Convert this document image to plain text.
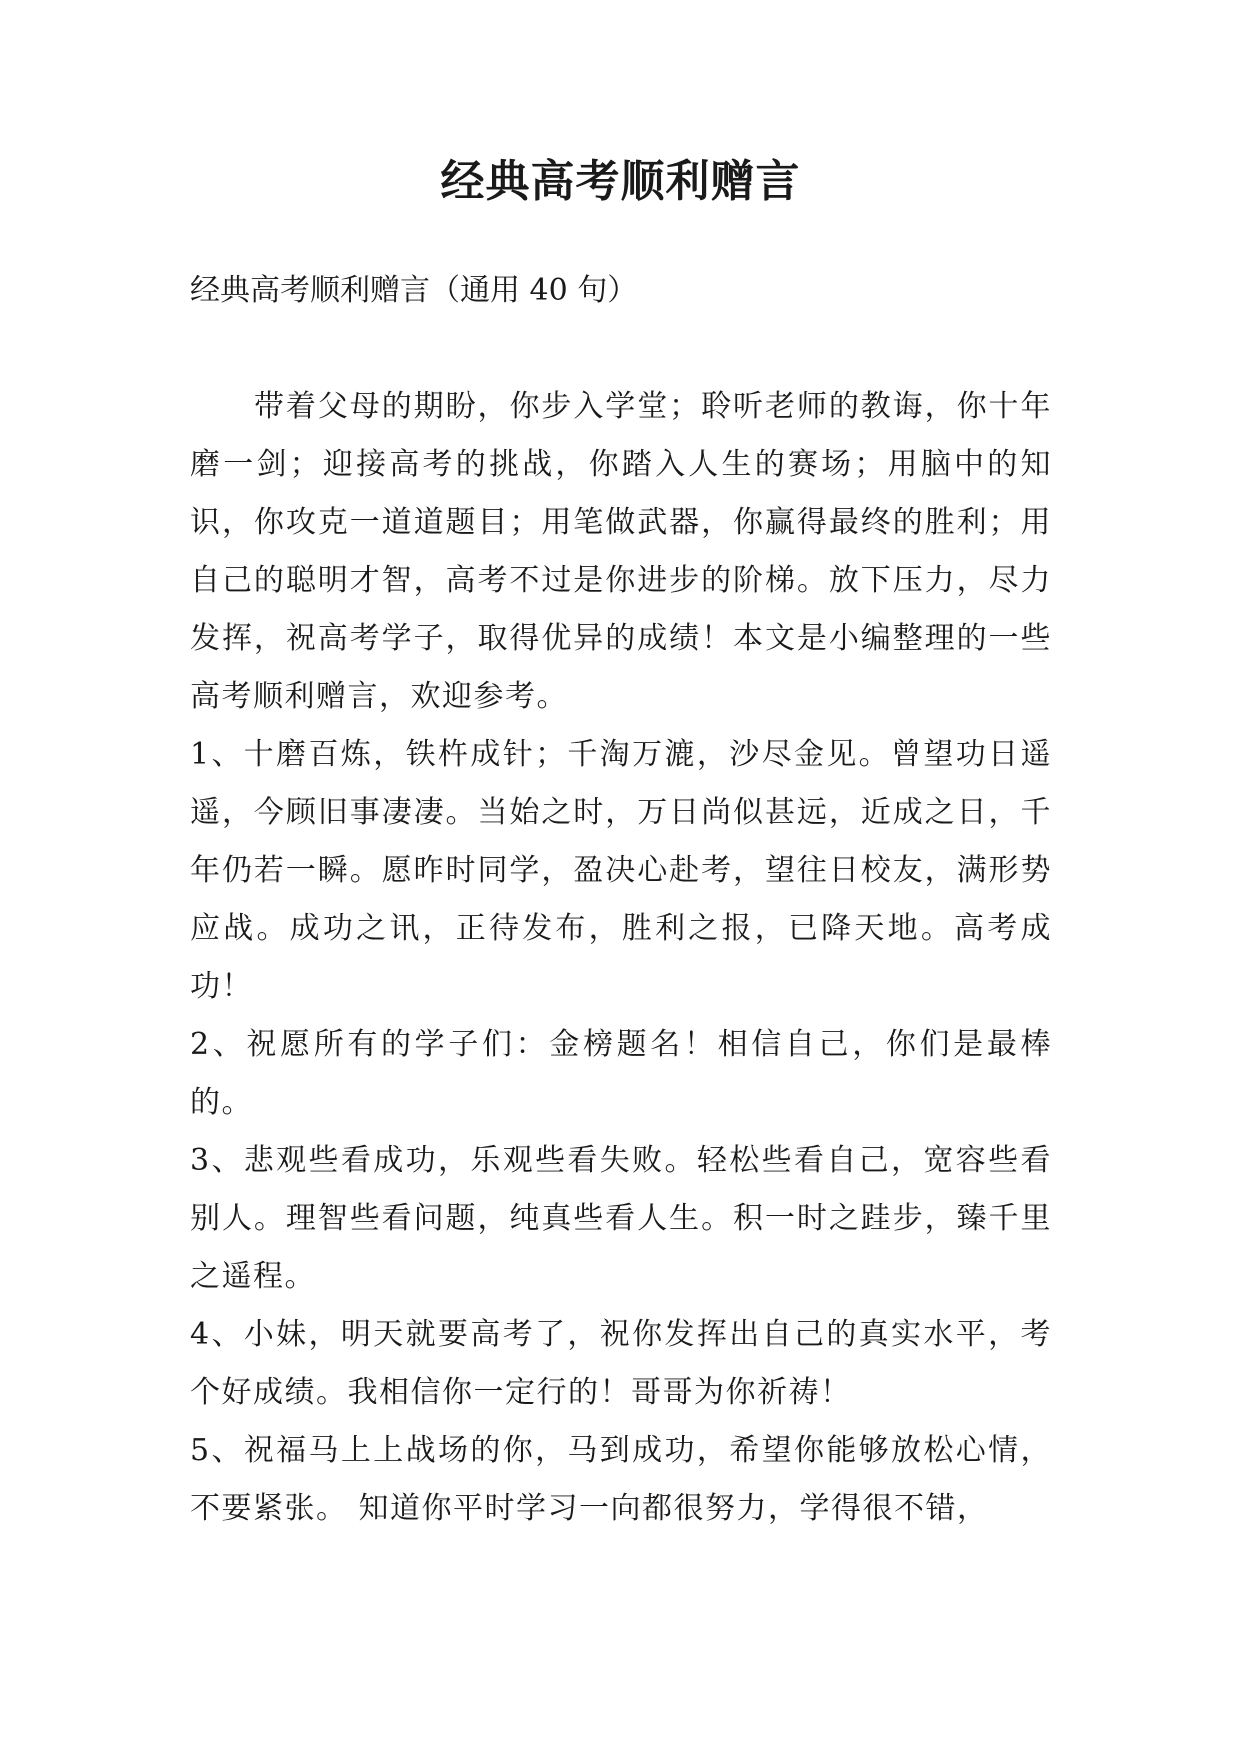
经典高考顺利赠言

经典高考顺利赠言（通用 40 句）

带着父母的期盼，你步入学堂；聆听老师的教诲，你十年磨一剑；迎接高考的挑战，你踏入人生的赛场；用脑中的知识，你攻克一道道题目；用笔做武器，你赢得最终的胜利；用自己的聪明才智，高考不过是你进步的阶梯。放下压力，尽力发挥，祝高考学子，取得优异的成绩！本文是小编整理的一些高考顺利赠言，欢迎参考。

1、十磨百炼，铁杵成针；千淘万漉，沙尽金见。曾望功日遥遥，今顾旧事凄凄。当始之时，万日尚似甚远，近成之日，千年仍若一瞬。愿昨时同学，盈决心赴考，望往日校友，满形势应战。成功之讯，正待发布，胜利之报，已降天地。高考成功！

2、祝愿所有的学子们：金榜题名！相信自己，你们是最棒的。

3、悲观些看成功，乐观些看失败。轻松些看自己，宽容些看别人。理智些看问题，纯真些看人生。积一时之跬步，臻千里之遥程。

4、小妹，明天就要高考了，祝你发挥出自己的真实水平，考个好成绩。我相信你一定行的！哥哥为你祈祷！

5、祝福马上上战场的你，马到成功，希望你能够放松心情，不要紧张。 知道你平时学习一向都很努力，学得很不错，
